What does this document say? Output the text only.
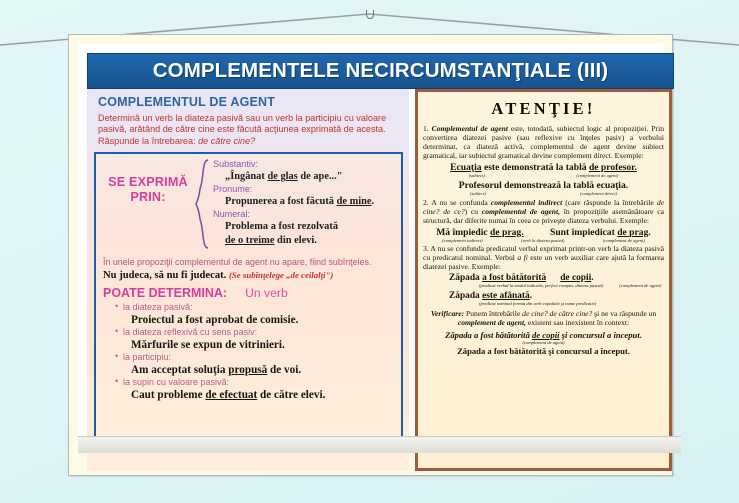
COMPLEMENTELE NECIRCUMSTANŢIALE (III)
COMPLEMENTUL DE AGENT
Determină un verb la diateza pasivă sau un verb la participiu cu valoare pasivă, arătând de către cine este făcută acţiunea exprimată de acesta. Răspunde la întrebarea: de către cine?
SE EXPRIMĂ PRIN:
Substantiv:
„Îngânat de glas de ape..."
Pronume:
Propunerea a fost făcută de mine.
Numeral:
Problema a fost rezolvată
de o treime din elevi.
În unele propoziţii complementul de agent nu apare, fiind subînţeles.
Nu judeca, să nu fi judecat. (Se subînţelege „de ceilalţi")
POATE DETERMINA: Un verb
• la diateza pasivă:
Proiectul a fost aprobat de comisie.
• la diateza reflexivă cu sens pasiv:
Mărfurile se expun de vitrinieri.
• la participiu:
Am acceptat soluţia propusă de voi.
• la supin cu valoare pasivă:
Caut probleme de efectuat de către elevi.
ATENŢIE!
1. Complementul de agent este, totodată, subiectul logic al propoziţiei. Prin convertirea diatezei pasive (sau reflexive cu înţeles pasiv) a verbului determinat, ca diateză activă, complementul de agent devine subiect gramatical, iar subiectul gramatical devine complement direct. Exemple:
Ecuaţia este demonstrată la tablă de profesor.
(subiect)	(complement de agent)
Profesorul demonstrează la tablă ecuaţia.
(subiect)	(complement direct)
2. A nu se confunda complementul indirect (care răspunde la întrebările de cine? de ce?) cu complementul de agent, în propoziţiile asemănătoare ca structură, dar diferite numai în ceea ce priveşte diateza verbului. Exemple:
Mă împiedic de prag.	Sunt împiedicat de prag.
(complement indirect)	(verb la diateza pasivă)	(complement de agent)
3. A nu se confunda predicatul verbal exprimat printr-un verb la diateza pasivă cu predicatul nominal. Verbul a fi este un verb auxiliar care ajută la formarea diatezei pasive. Exemple:
Zăpada a fost bătătorită de copii.
(predicat verbal la modul indicativ, perfect compus, diateza pasivă)	(complement de agent)
Zăpada este afânată.
(predicat nominal format din verb copulativ şi nume predicativ)
Verificare: Punem întrebările de cine? de către cine? şi ne va răspunde un complement de agent, existent sau inexistent în context:
Zăpada a fost bătătorită de copii şi concursul a început.
(complement de agent)
Zăpada a fost bătătorită şi concursul a început.
